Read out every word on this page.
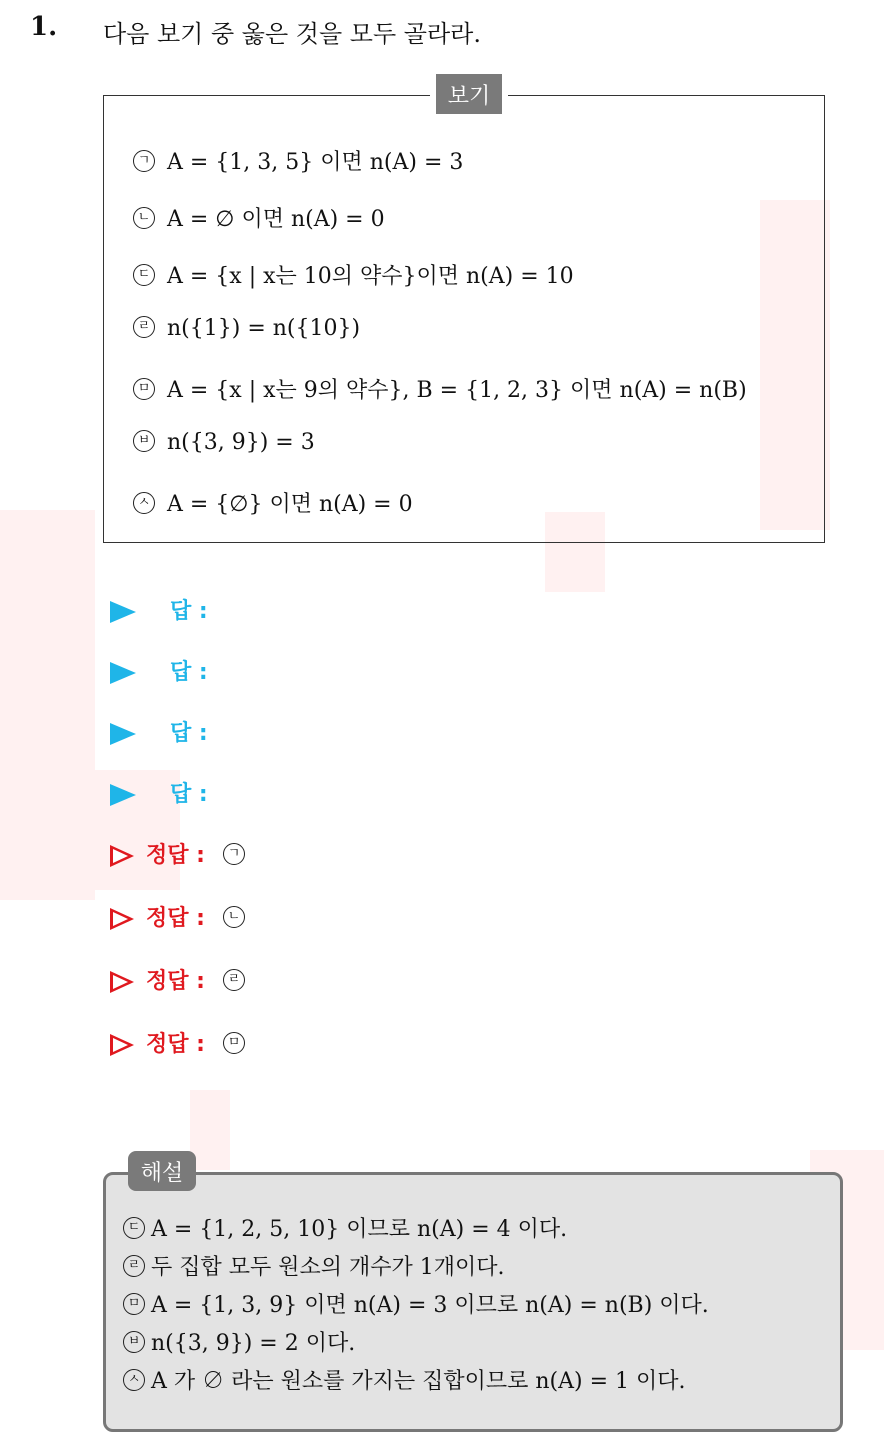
1. 다음 보기 중 옳은 것을 모두 골라라.
보기
ㄱ A = {1, 3, 5} 이면 n(A) = 3
ㄴ A = ∅ 이면 n(A) = 0
ㄷ A = {x | x는 10의 약수}이면 n(A) = 10
ㄹ n({1}) = n({10})
ㅁ A = {x | x는 9의 약수}, B = {1, 2, 3} 이면 n(A) = n(B)
ㅂ n({3, 9}) = 3
ㅅ A = {∅} 이면 n(A) = 0
답 :
답 :
답 :
답 :
정답 : ㄱ
정답 : ㄴ
정답 : ㄹ
정답 : ㅁ
해설
ㄷ A = {1, 2, 5, 10} 이므로 n(A) = 4 이다.
ㄹ 두 집합 모두 원소의 개수가 1개이다.
ㅁ A = {1, 3, 9} 이면 n(A) = 3 이므로 n(A) = n(B) 이다.
ㅂ n({3, 9}) = 2 이다.
ㅅ A 가 ∅ 라는 원소를 가지는 집합이므로 n(A) = 1 이다.
